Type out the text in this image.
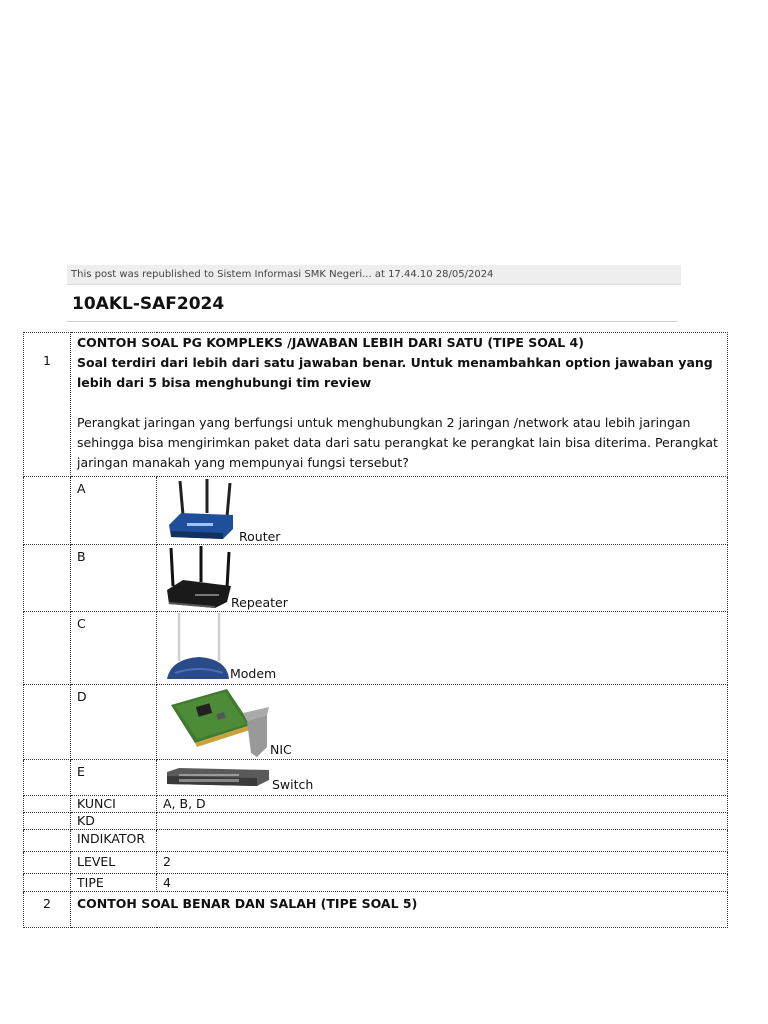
This post was republished to Sistem Informasi SMK Negeri... at 17.44.10 28/05/2024
10AKL-SAF2024
1	CONTOH SOAL PG KOMPLEKS /JAWABAN LEBIH DARI SATU (TIPE SOAL 4)
Soal terdiri dari lebih dari satu jawaban benar. Untuk menambahkan option jawaban yang lebih dari 5 bisa menghubungi tim review
Perangkat jaringan yang berfungsi untuk menghubungkan 2 jaringan /network atau lebih jaringan sehingga bisa mengirimkan paket data dari satu perangkat ke perangkat lain bisa diterima. Perangkat jaringan manakah yang mempunyai fungsi tersebut?	

	A	Router

	B	Repeater

	C	Modem

	D	NIC

	E	Switch

	KUNCI	A, B, D
	KD	
	INDIKATOR	
	LEVEL	2
	TIPE	4
2	CONTOH SOAL BENAR DAN SALAH (TIPE SOAL 5)	
